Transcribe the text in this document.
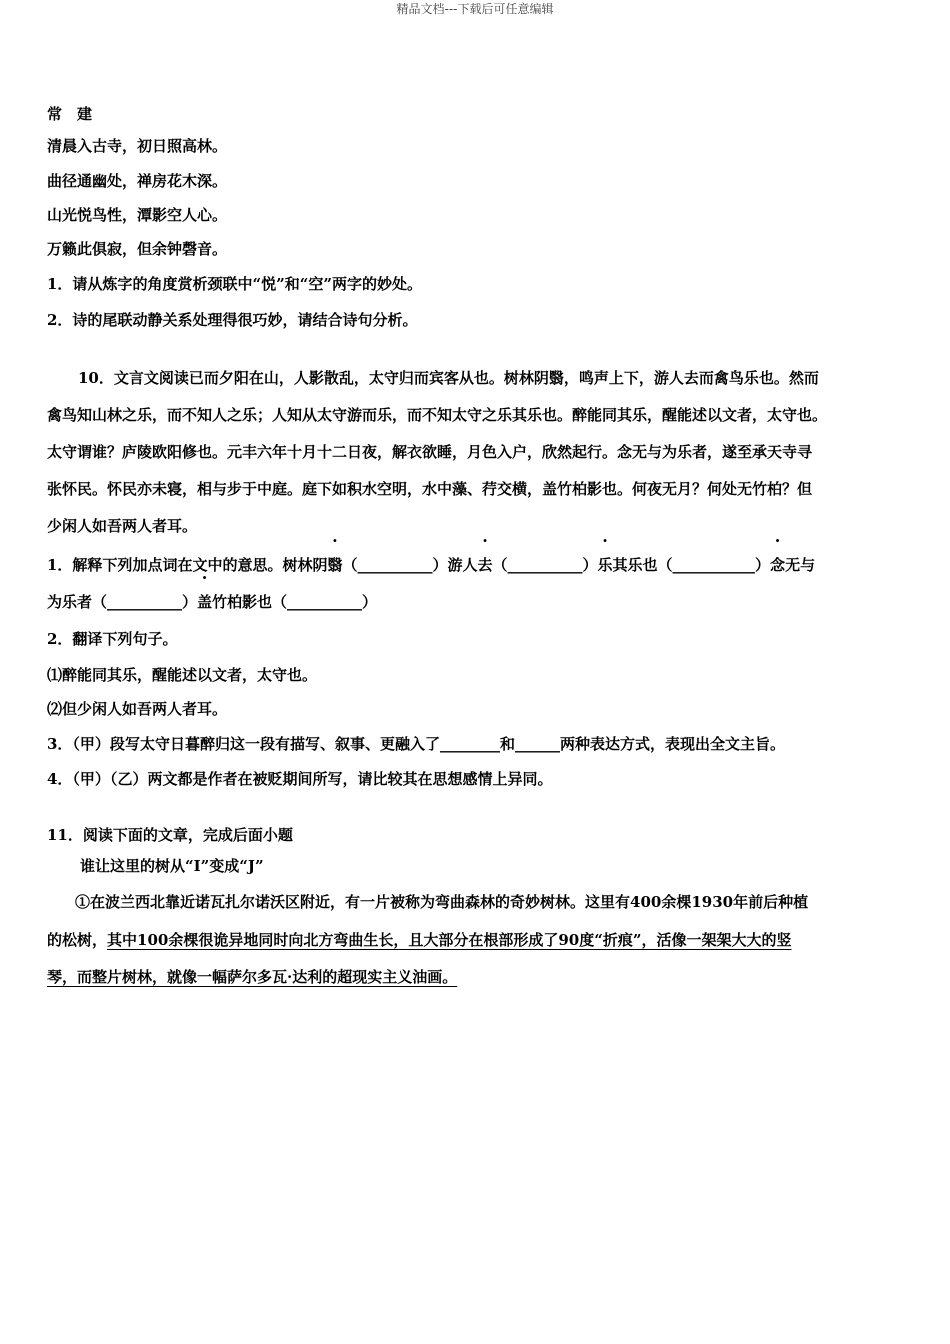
精品文档---下载后可任意编辑

常　建

清晨入古寺，初日照高林。

曲径通幽处，禅房花木深。

山光悦鸟性，潭影空人心。

万籁此俱寂，但余钟磬音。

1．请从炼字的角度赏析颈联中“悦”和“空”两字的妙处。

2．诗的尾联动静关系处理得很巧妙，请结合诗句分析。

10．文言文阅读已而夕阳在山，人影散乱，太守归而宾客从也。树林阴翳，鸣声上下，游人去而禽鸟乐也。然而

禽鸟知山林之乐，而不知人之乐；人知从太守游而乐，而不知太守之乐其乐也。醉能同其乐，醒能述以文者，太守也。

太守谓谁？庐陵欧阳修也。元丰六年十月十二日夜，解衣欲睡，月色入户，欣然起行。念无与为乐者，遂至承天寺寻

张怀民。怀民亦未寝，相与步于中庭。庭下如积水空明，水中藻、荇交横，盖竹柏影也。何夜无月？何处无竹柏？但

少闲人如吾两人者耳。

1．解释下列加点词在文中的意思。树林阴翳（__________）游人去（__________）乐其乐也（___________）念无与

为乐者（__________）盖竹柏影也（__________）

2．翻译下列句子。

⑴醉能同其乐，醒能述以文者，太守也。

⑵但少闲人如吾两人者耳。

3．（甲）段写太守日暮醉归这一段有描写、叙事、更融入了________和______两种表达方式，表现出全文主旨。

4．（甲）（乙）两文都是作者在被贬期间所写，请比较其在思想感情上异同。

11．阅读下面的文章，完成后面小题

谁让这里的树从“I”变成“J”

①在波兰西北靠近诺瓦扎尔诺沃区附近，有一片被称为弯曲森林的奇妙树林。这里有400余棵1930年前后种植

的松树，其中100余棵很诡异地同时向北方弯曲生长，且大部分在根部形成了90度“折痕”，活像一架架大大的竖

琴，而整片树林，就像一幅萨尔多瓦·达利的超现实主义油画。
